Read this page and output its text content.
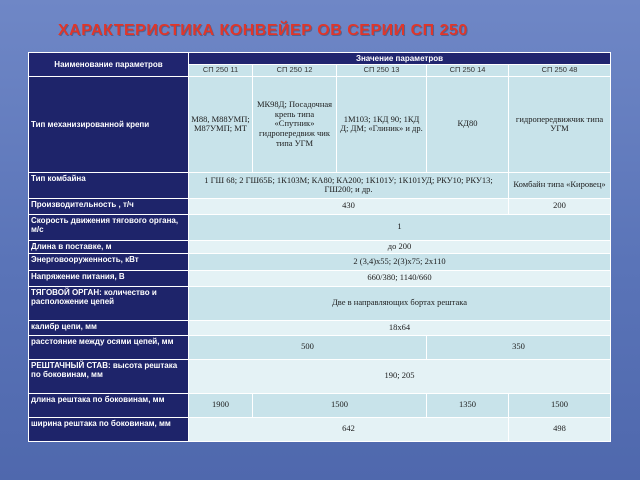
ХАРАКТЕРИСТИКА КОНВЕЙЕР ОВ СЕРИИ СП 250
Наименование параметров	Значение параметров				
	СП 250 11	СП 250 12	СП 250 13	СП 250 14	СП 250 48
Тип механизированной крепи	М88, М88УМП; М87УМП; МТ	МК98Д; Посадочная крепь типа «Спутник» гидропередвиж чик типа УГМ	1М103; 1КД 90; 1КД Д; ДМ; «Глиник» и др.	КД80	гидропередвижчик типа УГМ
Тип комбайна	1 ГШ 68; 2 ГШ65Б; 1К103М; КА80; КА200; 1К101У; 1К101УД; РКУ10; РКУ13; ГШ200; и др.				Комбайн типа «Кировец»
Производительность , т/ч	430				200
Скорость движения тягового органа, м/с	1				
Длина в поставке, м	до 200				
Энерговооруженность, кВт	2 (3,4)х55; 2(3)х75; 2х110				
Напряжение питания, В	660/380; 1140/660				
ТЯГОВОЙ ОРГАН: количество и расположение цепей	Две в направляющих бортах рештака				
калибр цепи, мм	18х64				
расстояние между осями цепей, мм	500			350	
РЕШТАЧНЫЙ СТАВ: высота рештака по боковинам, мм	190; 205				
длина рештака по боковинам, мм	1900	1500		1350	1500
ширина рештака по боковинам, мм	642				498
